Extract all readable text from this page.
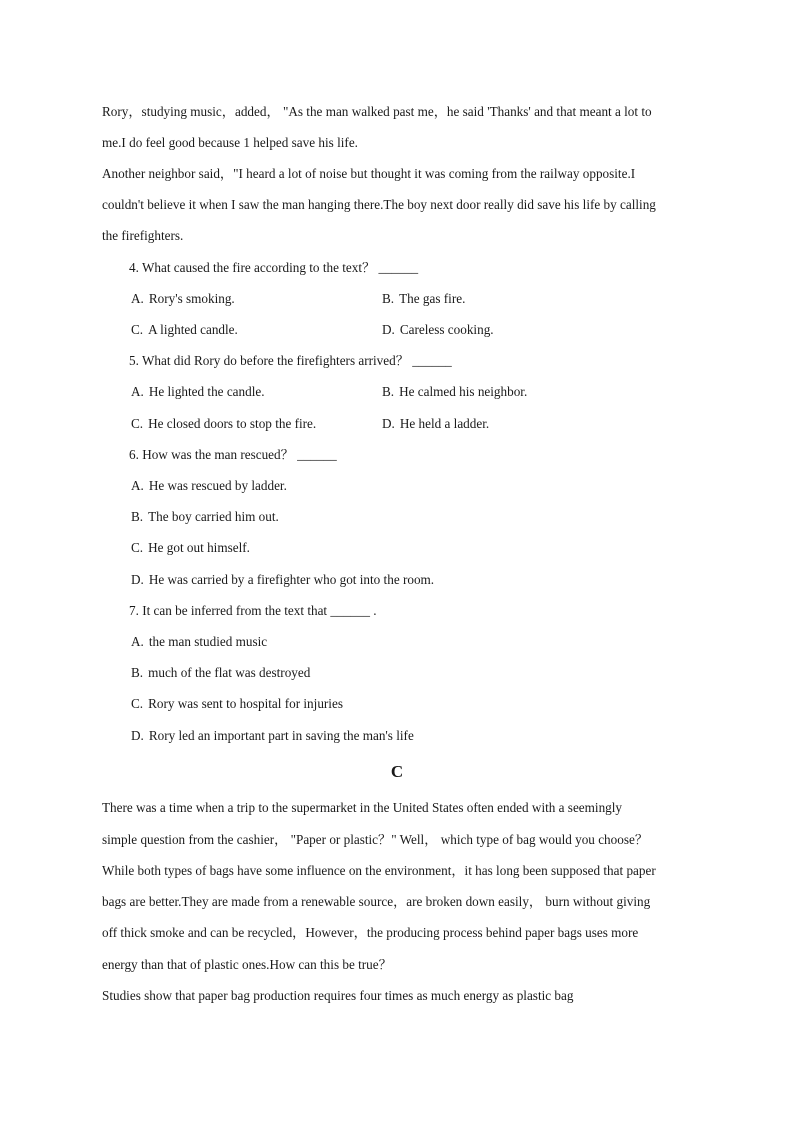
Rory，studying music，added， "As the man walked past me，he said 'Thanks' and that meant a lot to
me.I do feel good because 1 helped save his life.
Another neighbor said，"I heard a lot of noise but thought it was coming from the railway opposite.I
couldn't believe it when I saw the man hanging there.The boy next door really did save his life by calling
the firefighters.
4. What caused the fire according to the text？ ______
A. Rory's smoking.	B. The gas fire.
C. A lighted candle.	D. Careless cooking.
5. What did Rory do before the firefighters arrived？ ______
A. He lighted the candle.	B. He calmed his neighbor.
C. He closed doors to stop the fire.	D. He held a ladder.
6. How was the man rescued？ ______
A. He was rescued by ladder.
B. The boy carried him out.
C. He got out himself.
D. He was carried by a firefighter who got into the room.
7. It can be inferred from the text that ______ .
A. the man studied music
B. much of the flat was destroyed
C. Rory was sent to hospital for injuries
D. Rory led an important part in saving the man's life
C
There was a time when a trip to the supermarket in the United States often ended with a seemingly
simple question from the cashier， "Paper or plastic？" Well， which type of bag would you choose？
While both types of bags have some influence on the environment，it has long been supposed that paper
bags are better.They are made from a renewable source，are broken down easily， burn without giving
off thick smoke and can be recycled，However，the producing process behind paper bags uses more
energy than that of plastic ones.How can this be true？
Studies show that paper bag production requires four times as much energy as plastic bag
